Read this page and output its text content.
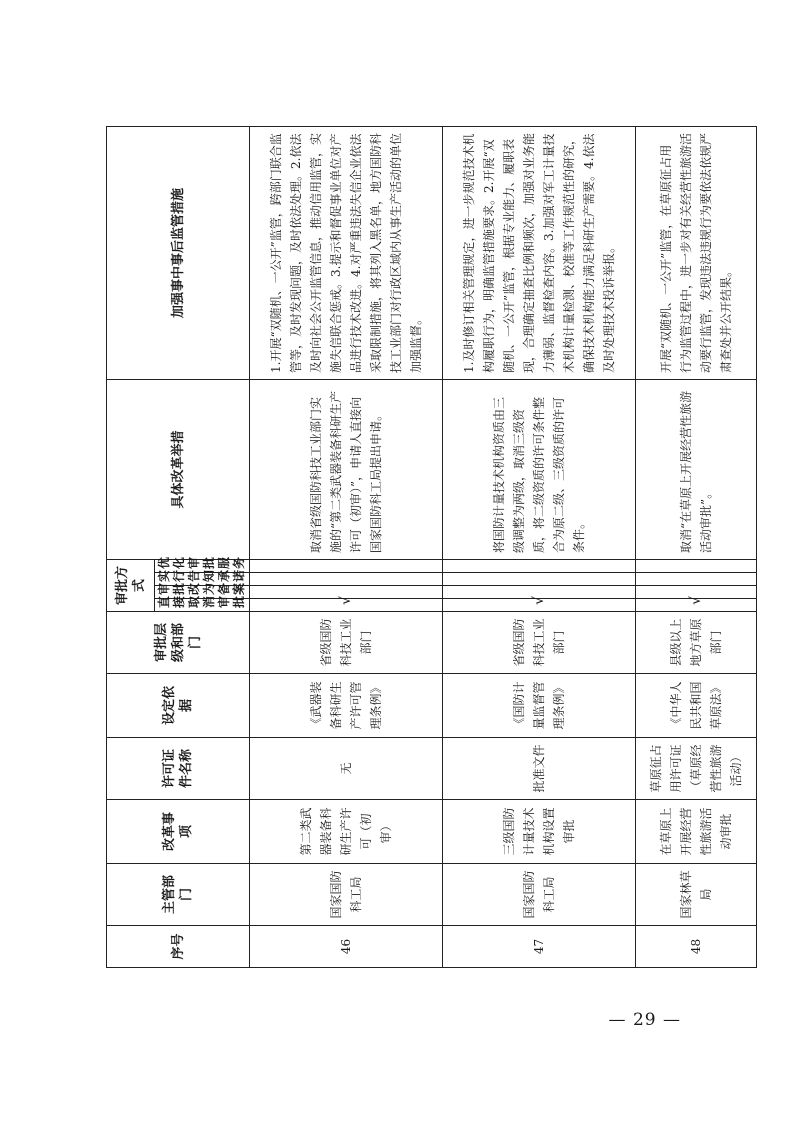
序号	主管部门	改革事项	许可证件名称	设定依据	审批层级和部门	审批方式				具体改革举措	加强事中事后监管措施
						直接取消审批	审批改为备案	实行告知承诺	优化审批服务		
46	国家国防科工局	第二类武器装备科研生产许可（初审）	无	《武器装备科研生产许可管理条例》	省级国防科技工业部门	√				取消省级国防科技工业部门实施的“第二类武器装备科研生产许可（初审）”，申请人直接向国家国防科工局提出申请。	1.开展“双随机、一公开”监管，跨部门联合监管等，及时发现问题，及时依法处理。2.依法及时向社会公开监管信息，推动信用监管，实施失信联合惩戒。3.提示和督促事业单位对产品进行技术改进。4.对严重违法失信企业依法采取限制措施，将其列入黑名单，地方国防科技工业部门对行政区域内从事生产活动的单位加强监督。
47	国家国防科工局	三级国防计量技术机构设置审批	批准文件	《国防计量监督管理条例》	省级国防科技工业部门	√				将国防计量技术机构资质由三级调整为两级，取消三级资质，将二级资质的许可条件整合为原二级、三级资质的许可条件。	1.及时修订相关管理规定，进一步规范技术机构履职行为，明确监管措施要求。2.开展“双随机、一公开”监管，根据专业能力、履职表现，合理确定抽查比例和频次，加强对业务能力薄弱、监督检查内容。3.加强对军工计量技术机构计量检测、校准等工作规范性的研究，确保技术机构能力满足科研生产需要。4.依法及时处理技术投诉举报。
48	国家林草局	在草原上开展经营性旅游活动审批	草原征占用许可证（草原经营性旅游活动）	《中华人民共和国草原法》	县级以上地方草原部门	√				取消“在草原上开展经营性旅游活动审批”。	开展“双随机、一公开”监管，在草原征占用行为监管过程中，进一步对有关经营性旅游活动要行监管，发现违法违规行为要依法依规严肃查处并公开结果。
— 29 —
